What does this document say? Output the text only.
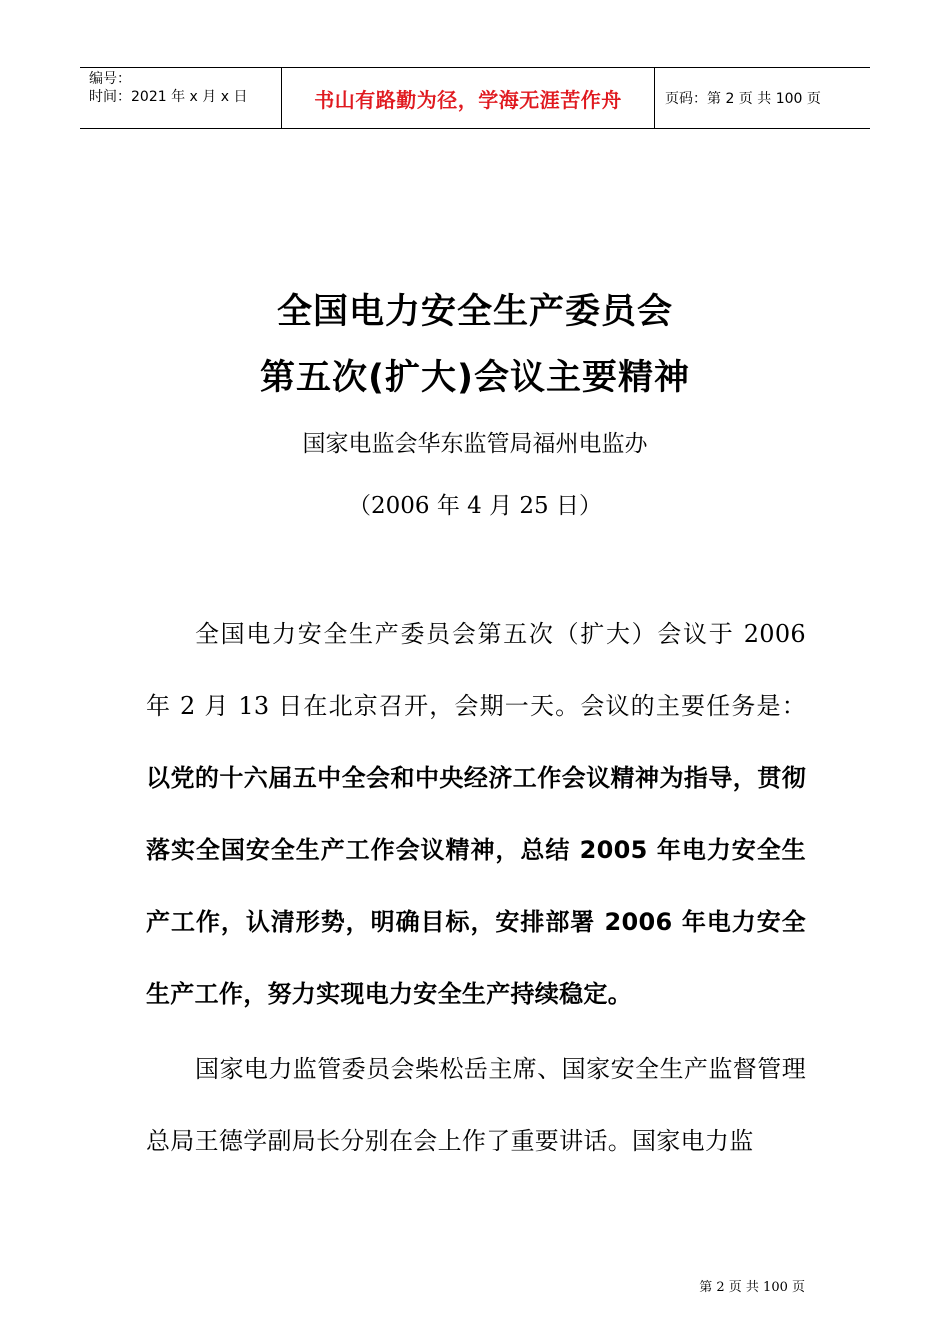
编号：
时间：2021 年 x 月 x 日	书山有路勤为径，学海无涯苦作舟	页码：第 2 页 共 100 页
全国电力安全生产委员会
第五次(扩大)会议主要精神
国家电监会华东监管局福州电监办
（2006 年 4 月 25 日）

全国电力安全生产委员会第五次（扩大）会议于 2006 年 2 月 13 日在北京召开，会期一天。会议的主要任务是：以党的十六届五中全会和中央经济工作会议精神为指导，贯彻落实全国安全生产工作会议精神，总结 2005 年电力安全生产工作，认清形势，明确目标，安排部署 2006 年电力安全生产工作，努力实现电力安全生产持续稳定。

国家电力监管委员会柴松岳主席、国家安全生产监督管理总局王德学副局长分别在会上作了重要讲话。国家电力监

第 2 页 共 100 页
